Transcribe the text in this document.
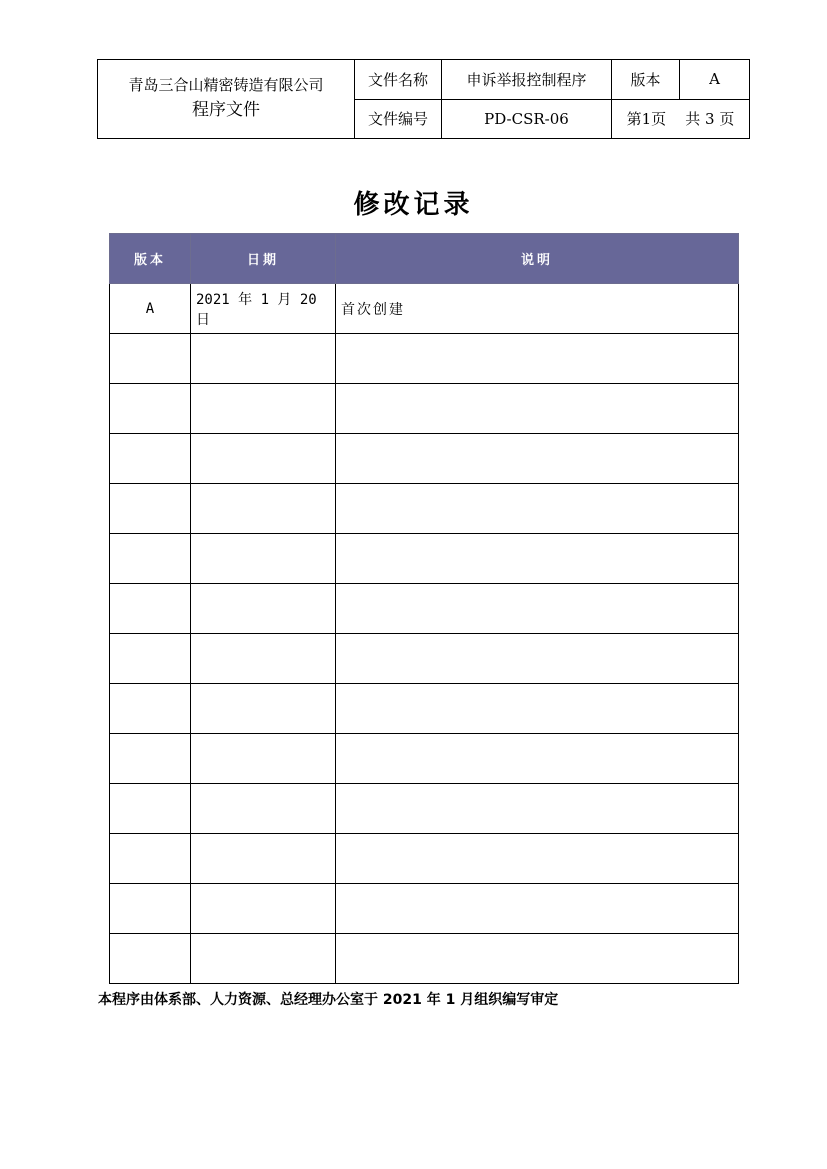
青岛三合山精密铸造有限公司
程序文件	文件名称	申诉举报控制程序	版本	A
	文件编号	PD-CSR-06	第1页 共 3 页	
修改记录
版本	日期	说明
A	2021 年 1 月 20 日	首次创建

本程序由体系部、人力资源、总经理办公室于 2021 年 1 月组织编写审定
